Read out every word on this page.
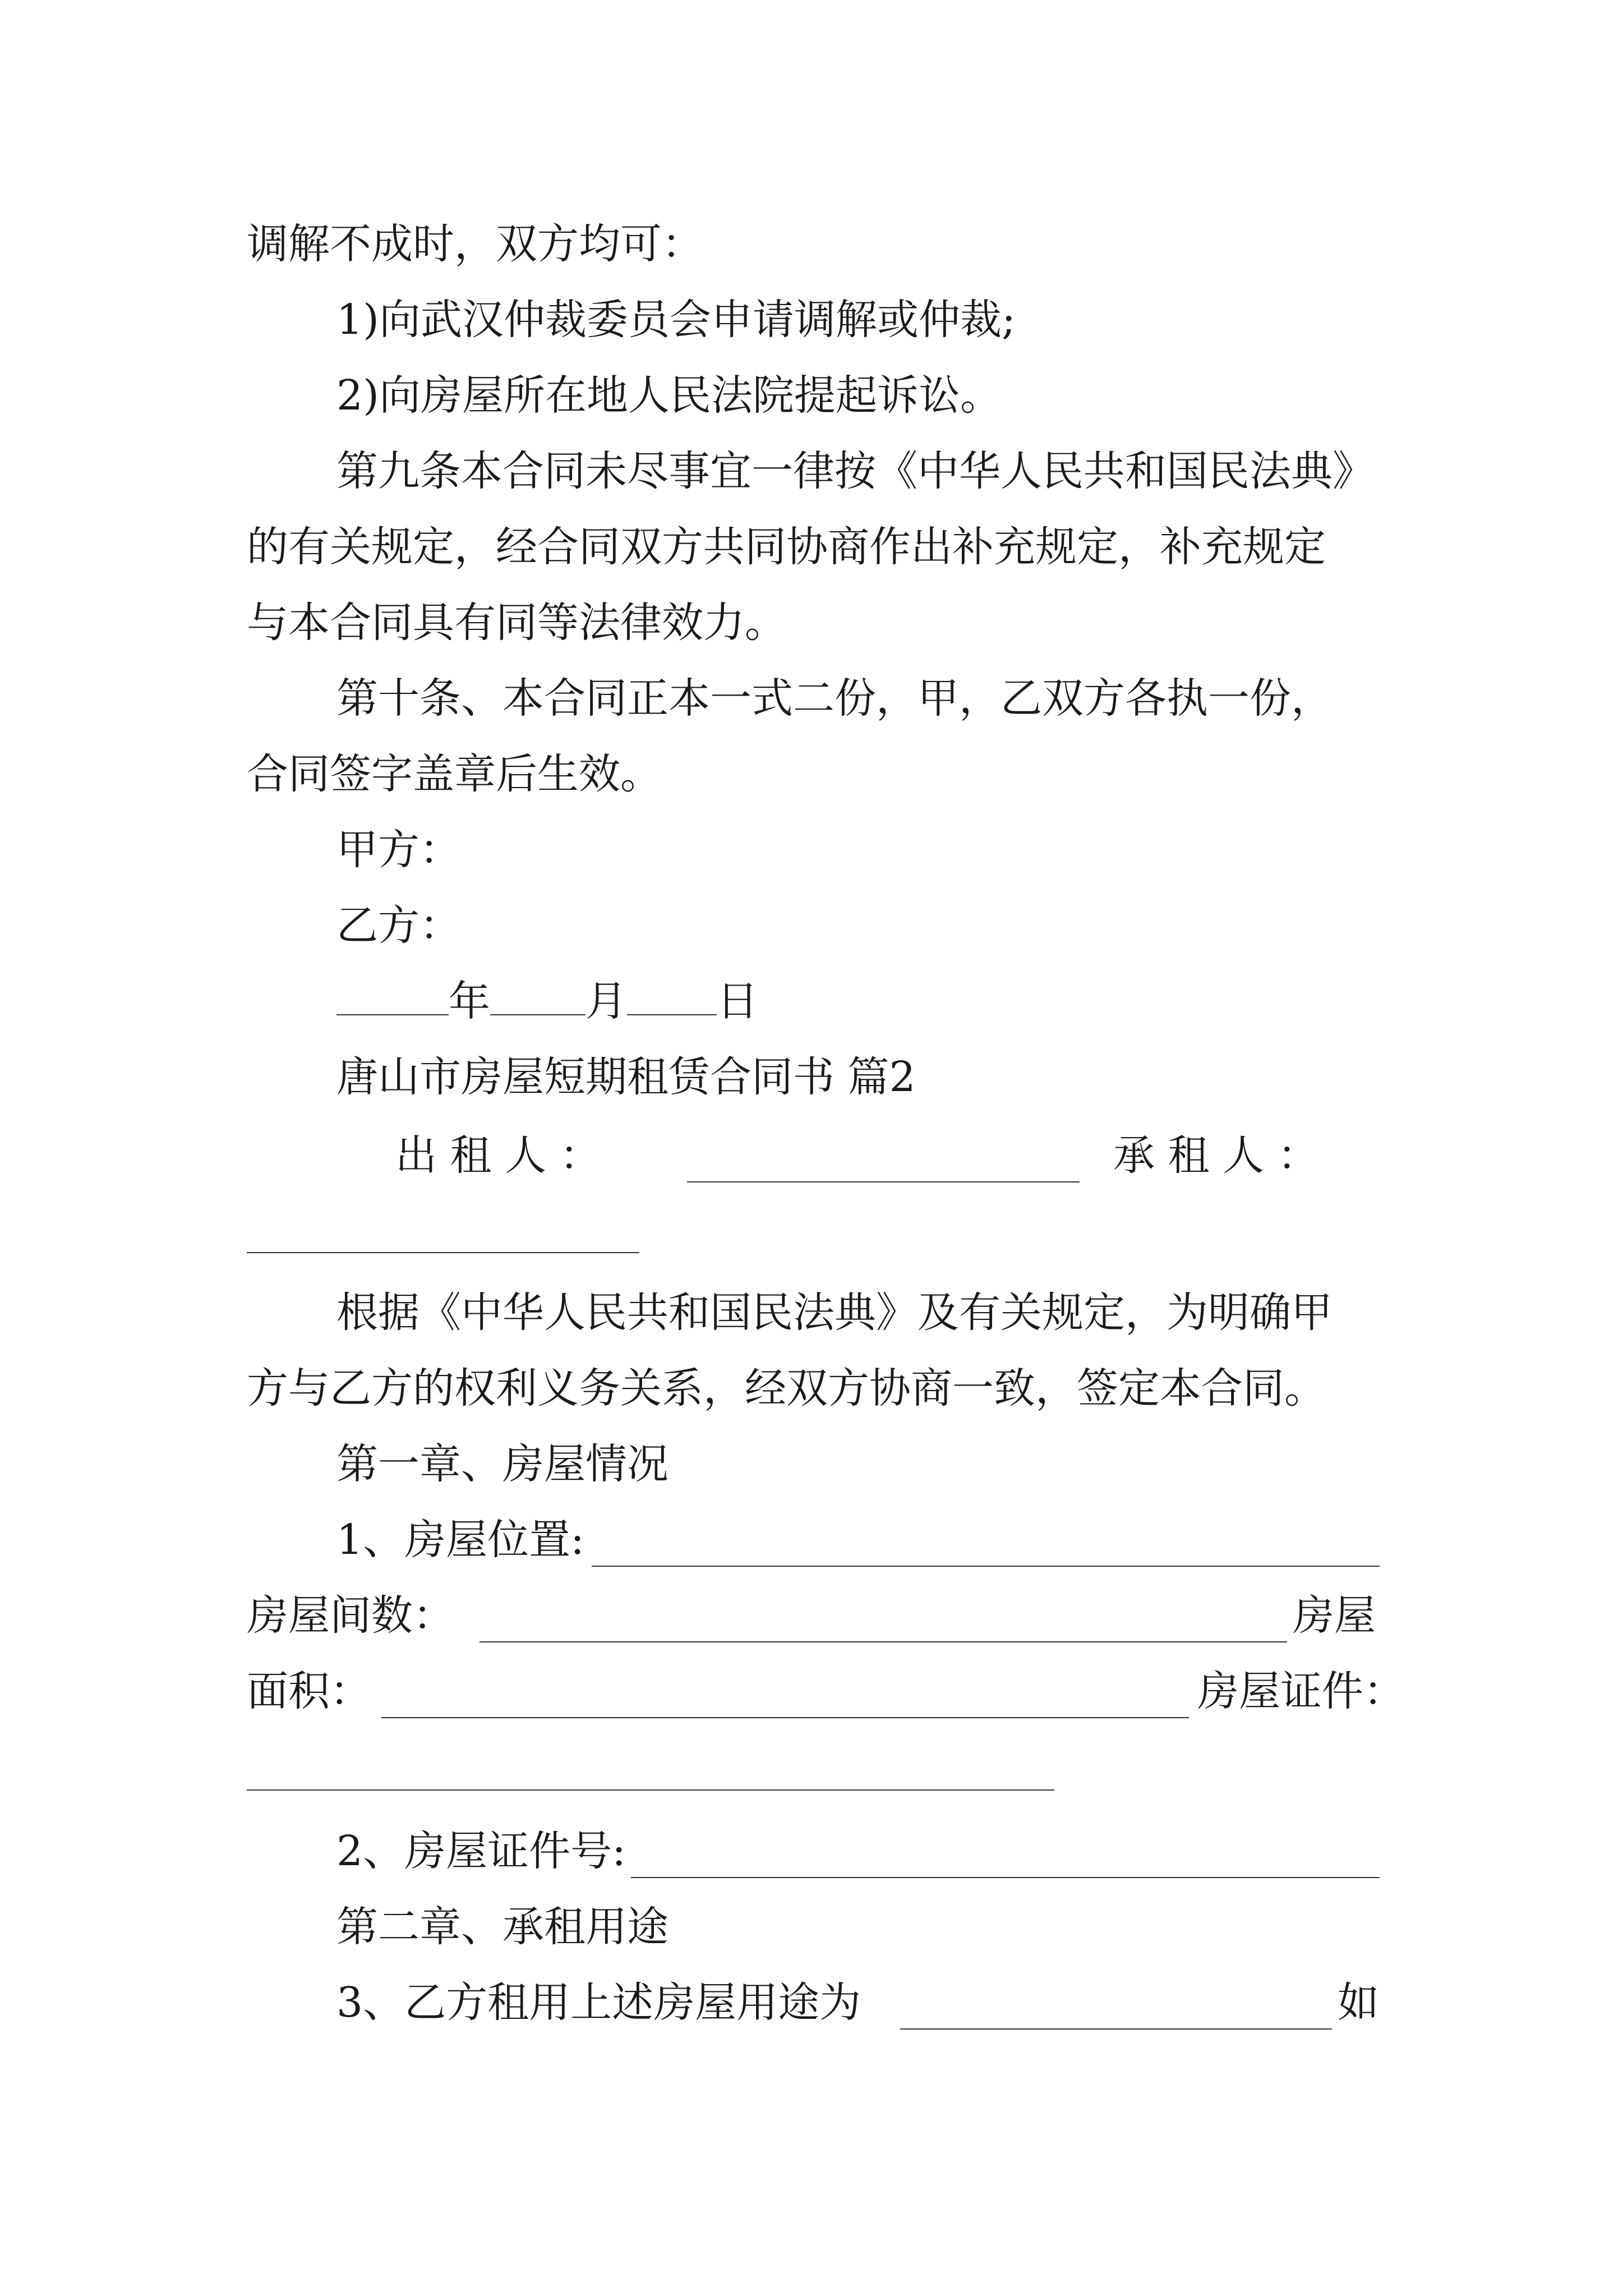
调解不成时，双方均可：
1)向武汉仲裁委员会申请调解或仲裁;
2)向房屋所在地人民法院提起诉讼。
第九条本合同未尽事宜一律按《中华人民共和国民法典》
的有关规定，经合同双方共同协商作出补充规定，补充规定
与本合同具有同等法律效力。
第十条、本合同正本一式二份，甲，乙双方各执一份，
合同签字盖章后生效。
甲方：
乙方：
年 月 日
唐山市房屋短期租赁合同书 篇2
出 租 人 ：	承 租 人 ：
根据《中华人民共和国民法典》及有关规定，为明确甲
方与乙方的权利义务关系，经双方协商一致，签定本合同。
第一章、房屋情况
1、房屋位置:
房屋间数：	房屋
面积：	房屋证件：
2、房屋证件号:
第二章、承租用途
3、乙方租用上述房屋用途为	如
